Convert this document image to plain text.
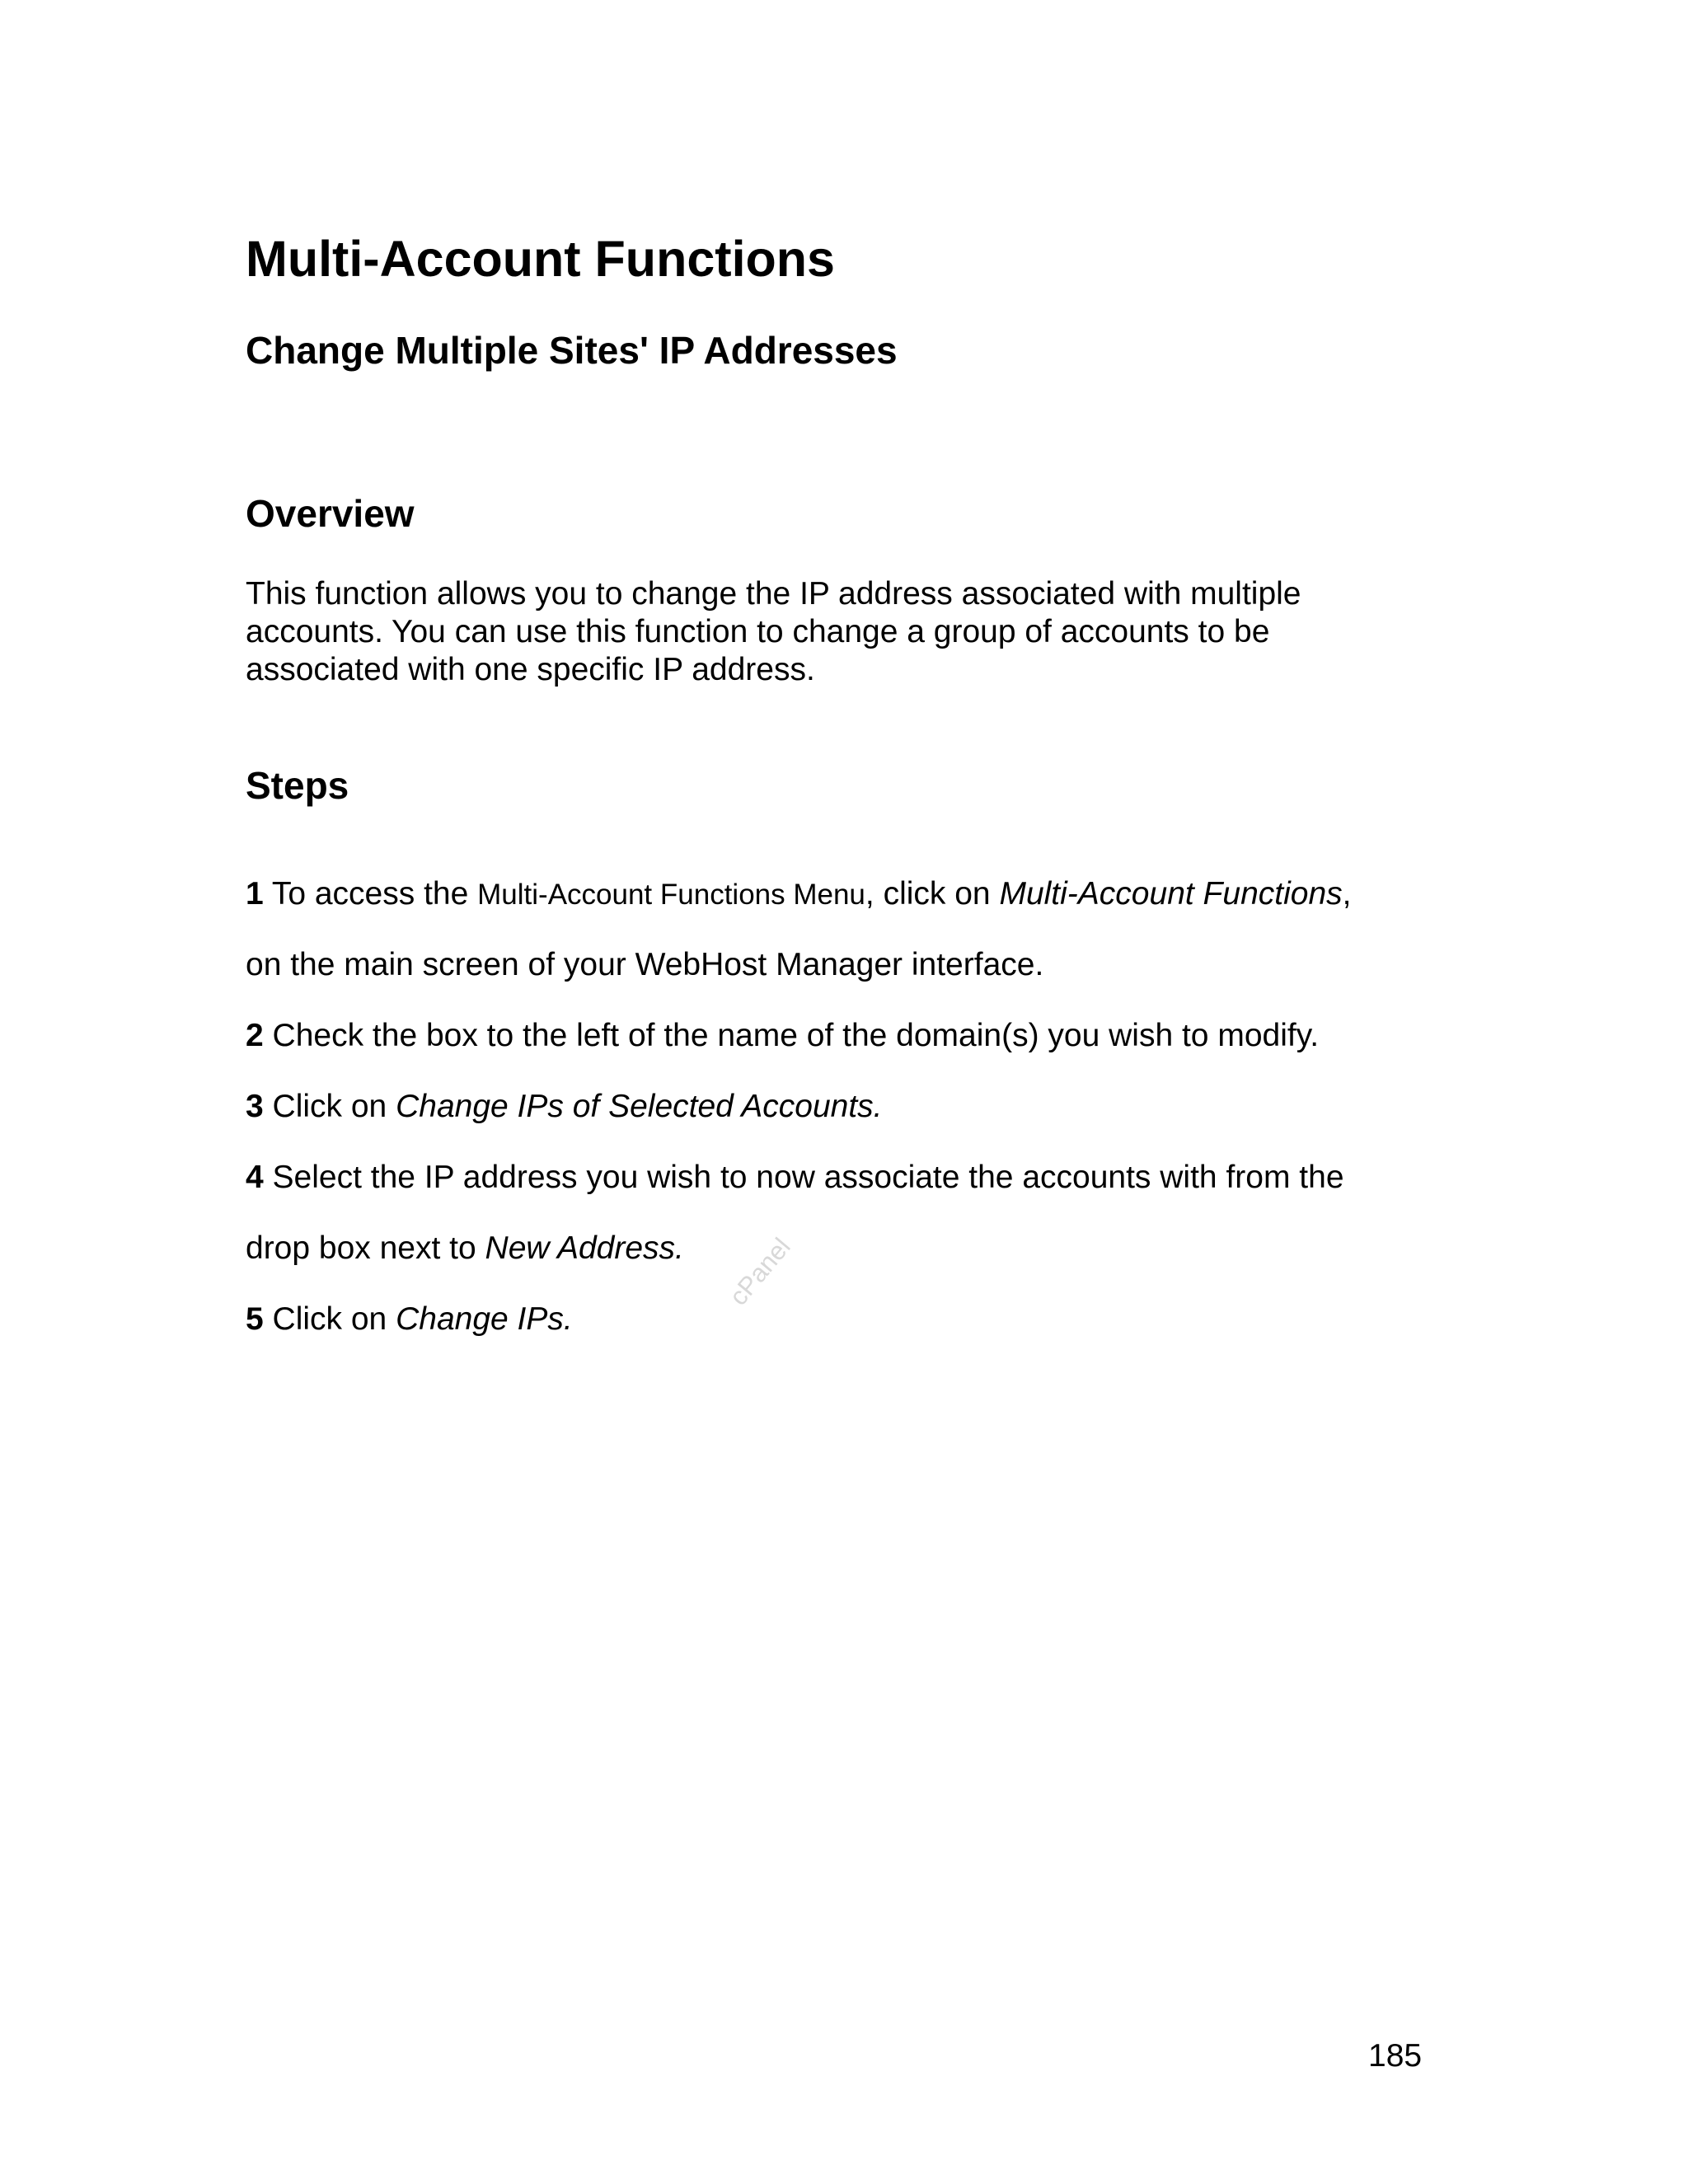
Multi-Account Functions
Change Multiple Sites' IP Addresses
Overview

This function allows you to change the IP address associated with multiple

accounts. You can use this function to change a group of accounts to be

associated with one specific IP address.

Steps
1 To access the Multi-Account Functions Menu, click on Multi-Account Functions,
on the main screen of your WebHost Manager interface.
2 Check the box to the left of the name of the domain(s) you wish to modify.
3 Click on Change IPs of Selected Accounts.
4 Select the IP address you wish to now associate the accounts with from the
drop box next to New Address.
5 Click on Change IPs.
cPanel
185
